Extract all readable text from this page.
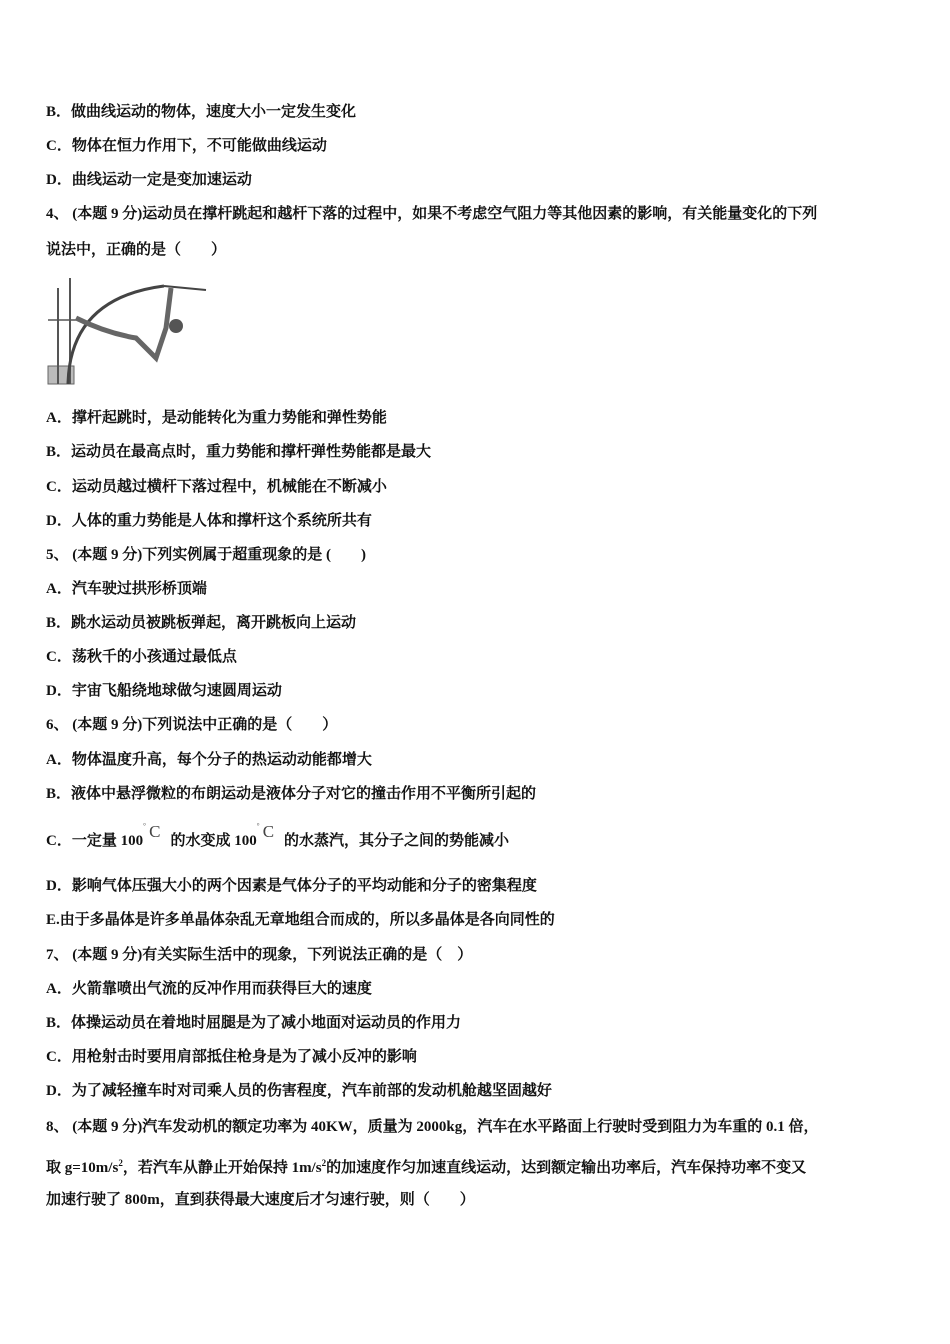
B．做曲线运动的物体，速度大小一定发生变化
C．物体在恒力作用下，不可能做曲线运动
D．曲线运动一定是变加速运动
4、 (本题 9 分)运动员在撑杆跳起和越杆下落的过程中，如果不考虑空气阻力等其他因素的影响，有关能量变化的下列
说法中，正确的是（　　）
A．撑杆起跳时，是动能转化为重力势能和弹性势能
B．运动员在最高点时，重力势能和撑杆弹性势能都是最大
C．运动员越过横杆下落过程中，机械能在不断减小
D．人体的重力势能是人体和撑杆这个系统所共有
5、 (本题 9 分)下列实例属于超重现象的是 (　　)
A．汽车驶过拱形桥顶端
B．跳水运动员被跳板弹起，离开跳板向上运动
C．荡秋千的小孩通过最低点
D．宇宙飞船绕地球做匀速圆周运动
6、 (本题 9 分)下列说法中正确的是（　　）
A．物体温度升高，每个分子的热运动动能都增大
B．液体中悬浮微粒的布朗运动是液体分子对它的撞击作用不平衡所引起的
C．一定量 100 ° C 的水变成 100 ° C 的水蒸汽，其分子之间的势能减小
D．影响气体压强大小的两个因素是气体分子的平均动能和分子的密集程度
E.由于多晶体是许多单晶体杂乱无章地组合而成的，所以多晶体是各向同性的
7、 (本题 9 分)有关实际生活中的现象，下列说法正确的是（　）
A．火箭靠喷出气流的反冲作用而获得巨大的速度
B．体操运动员在着地时屈腿是为了减小地面对运动员的作用力
C．用枪射击时要用肩部抵住枪身是为了减小反冲的影响
D．为了减轻撞车时对司乘人员的伤害程度，汽车前部的发动机舱越坚固越好
8、 (本题 9 分)汽车发动机的额定功率为 40KW，质量为 2000kg，汽车在水平路面上行驶时受到阻力为车重的 0.1 倍，
取 $g=10m/s^2$，若汽车从静止开始保持 $1m/s^2$的加速度作匀加速直线运动，达到额定输出功率后，汽车保持功率不变又
加速行驶了 800m，直到获得最大速度后才匀速行驶，则（　　）
